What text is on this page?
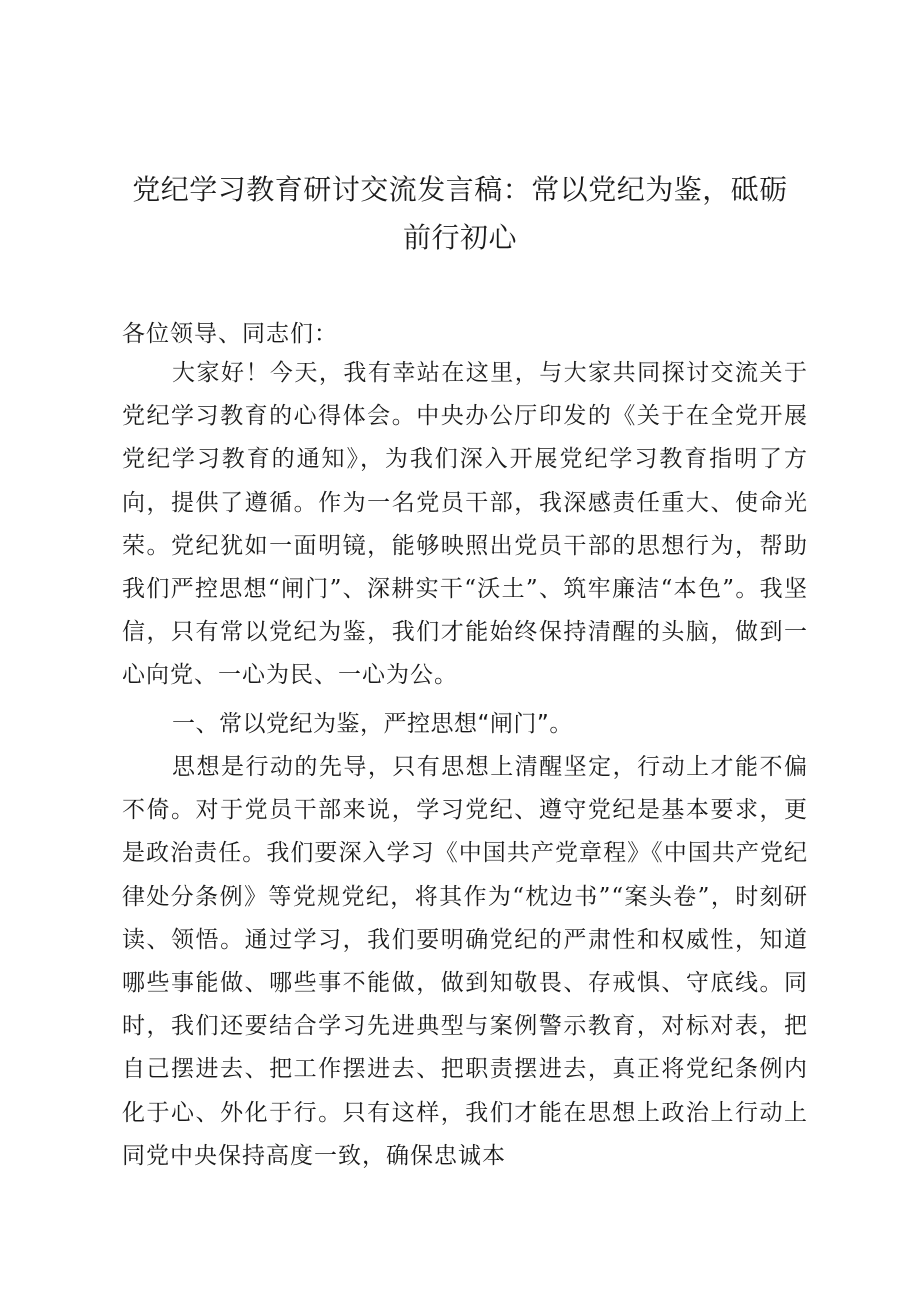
党纪学习教育研讨交流发言稿：常以党纪为鉴，砥砺前行初心
各位领导、同志们：
大家好！今天，我有幸站在这里，与大家共同探讨交流关于党纪学习教育的心得体会。中央办公厅印发的《关于在全党开展党纪学习教育的通知》，为我们深入开展党纪学习教育指明了方向，提供了遵循。作为一名党员干部，我深感责任重大、使命光荣。党纪犹如一面明镜，能够映照出党员干部的思想行为，帮助我们严控思想“闸门”、深耕实干“沃土”、筑牢廉洁“本色”。我坚信，只有常以党纪为鉴，我们才能始终保持清醒的头脑，做到一心向党、一心为民、一心为公。
一、常以党纪为鉴，严控思想“闸门”。
思想是行动的先导，只有思想上清醒坚定，行动上才能不偏不倚。对于党员干部来说，学习党纪、遵守党纪是基本要求，更是政治责任。我们要深入学习《中国共产党章程》《中国共产党纪律处分条例》等党规党纪，将其作为“枕边书”“案头卷”，时刻研读、领悟。通过学习，我们要明确党纪的严肃性和权威性，知道哪些事能做、哪些事不能做，做到知敬畏、存戒惧、守底线。同时，我们还要结合学习先进典型与案例警示教育，对标对表，把自己摆进去、把工作摆进去、把职责摆进去，真正将党纪条例内化于心、外化于行。只有这样，我们才能在思想上政治上行动上同党中央保持高度一致，确保忠诚本
